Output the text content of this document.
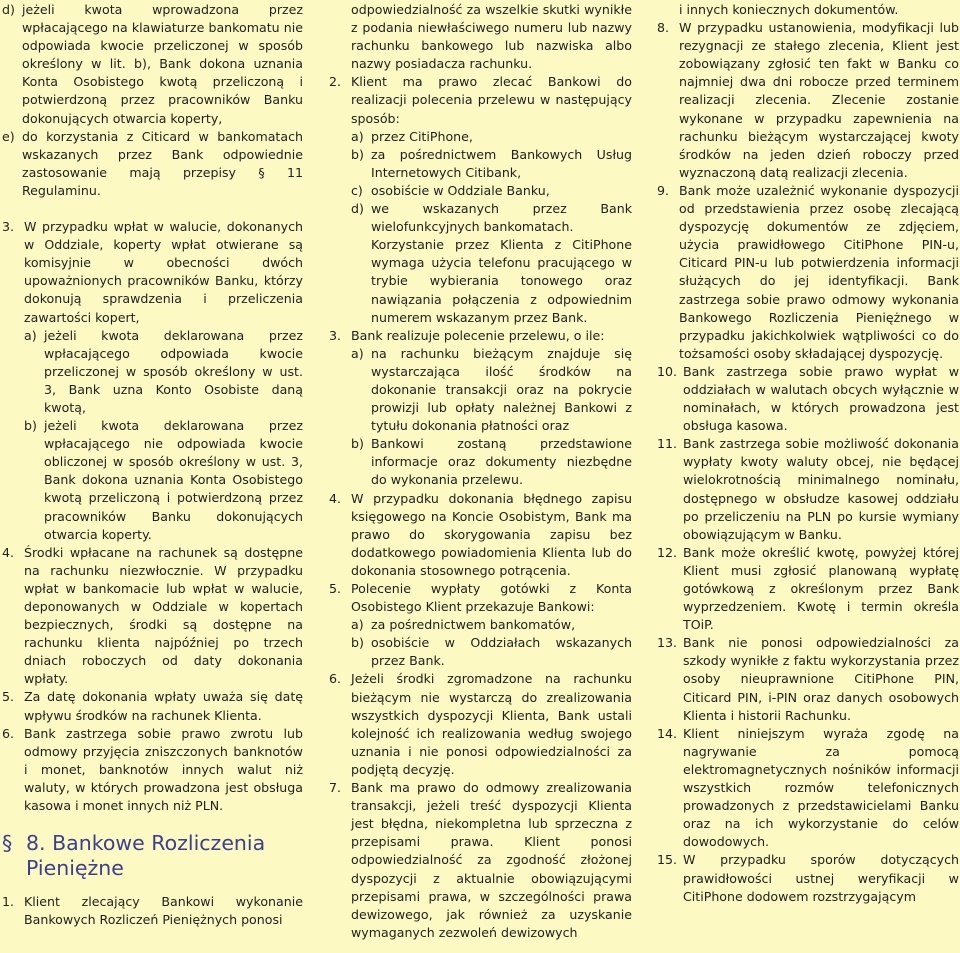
d) jeżeli kwota wprowadzona przez wpłacającego na klawiaturze bankomatu nie odpowiada kwocie przeliczonej w sposób określony w lit. b), Bank dokona uznania Konta Osobistego kwotą przeliczoną i potwierdzoną przez pracowników Banku dokonujących otwarcia koperty,
e) do korzystania z Citicard w bankomatach wskazanych przez Bank odpowiednie zastosowanie mają przepisy § 11 Regulaminu.
3. W przypadku wpłat w walucie, dokonanych w Oddziale, koperty wpłat otwierane są komisyjnie w obecności dwóch upoważnionych pracowników Banku, którzy dokonują sprawdzenia i przeliczenia zawartości kopert,
a) jeżeli kwota deklarowana przez wpłacającego odpowiada kwocie przeliczonej w sposób określony w ust. 3, Bank uzna Konto Osobiste daną kwotą,
b) jeżeli kwota deklarowana przez wpłacającego nie odpowiada kwocie obliczonej w sposób określony w ust. 3, Bank dokona uznania Konta Osobistego kwotą przeliczoną i potwierdzoną przez pracowników Banku dokonujących otwarcia koperty.
4. Środki wpłacane na rachunek są dostępne na rachunku niezwłocznie. W przypadku wpłat w bankomacie lub wpłat w walucie, deponowanych w Oddziale w kopertach bezpiecznych, środki są dostępne na rachunku klienta najpóźniej po trzech dniach roboczych od daty dokonania wpłaty.
5. Za datę dokonania wpłaty uważa się datę wpływu środków na rachunek Klienta.
6. Bank zastrzega sobie prawo zwrotu lub odmowy przyjęcia zniszczonych banknotów i monet, banknotów innych walut niż waluty, w których prowadzona jest obsługa kasowa i monet innych niż PLN.
§ 8. Bankowe Rozliczenia Pieniężne
1. Klient zlecający Bankowi wykonanie Bankowych Rozliczeń Pieniężnych ponosi

odpowiedzialność za wszelkie skutki wynikłe z podania niewłaściwego numeru lub nazwy rachunku bankowego lub nazwiska albo nazwy posiadacza rachunku.

2. Klient ma prawo zlecać Bankowi do realizacji polecenia przelewu w następujący sposób:
a) przez CitiPhone,
b) za pośrednictwem Bankowych Usług Internetowych Citibank,
c) osobiście w Oddziale Banku,
d) we wskazanych przez Bank wielofunkcyjnych bankomatach.

Korzystanie przez Klienta z CitiPhone wymaga użycia telefonu pracującego w trybie wybierania tonowego oraz nawiązania połączenia z odpowiednim numerem wskazanym przez Bank.

3. Bank realizuje polecenie przelewu, o ile:
a) na rachunku bieżącym znajduje się wystarczająca ilość środków na dokonanie transakcji oraz na pokrycie prowizji lub opłaty należnej Bankowi z tytułu dokonania płatności oraz
b) Bankowi zostaną przedstawione informacje oraz dokumenty niezbędne do wykonania przelewu.
4. W przypadku dokonania błędnego zapisu księgowego na Koncie Osobistym, Bank ma prawo do skorygowania zapisu bez dodatkowego powiadomienia Klienta lub do dokonania stosownego potrącenia.
5. Polecenie wypłaty gotówki z Konta Osobistego Klient przekazuje Bankowi:
a) za pośrednictwem bankomatów,
b) osobiście w Oddziałach wskazanych przez Bank.
6. Jeżeli środki zgromadzone na rachunku bieżącym nie wystarczą do zrealizowania wszystkich dyspozycji Klienta, Bank ustali kolejność ich realizowania według swojego uznania i nie ponosi odpowiedzialności za podjętą decyzję.
7. Bank ma prawo do odmowy zrealizowania transakcji, jeżeli treść dyspozycji Klienta jest błędna, niekompletna lub sprzeczna z przepisami prawa. Klient ponosi odpowiedzialność za zgodność złożonej dyspozycji z aktualnie obowiązującymi przepisami prawa, w szczególności prawa dewizowego, jak również za uzyskanie wymaganych zezwoleń dewizowych

i innych koniecznych dokumentów.

8. W przypadku ustanowienia, modyfikacji lub rezygnacji ze stałego zlecenia, Klient jest zobowiązany zgłosić ten fakt w Banku co najmniej dwa dni robocze przed terminem realizacji zlecenia. Zlecenie zostanie wykonane w przypadku zapewnienia na rachunku bieżącym wystarczającej kwoty środków na jeden dzień roboczy przed wyznaczoną datą realizacji zlecenia.
9. Bank może uzależnić wykonanie dyspozycji od przedstawienia przez osobę zlecającą dyspozycję dokumentów ze zdjęciem, użycia prawidłowego CitiPhone PIN-u, Citicard PIN-u lub potwierdzenia informacji służących do jej identyfikacji. Bank zastrzega sobie prawo odmowy wykonania Bankowego Rozliczenia Pieniężnego w przypadku jakichkolwiek wątpliwości co do tożsamości osoby składającej dyspozycję.
10. Bank zastrzega sobie prawo wypłat w oddziałach w walutach obcych wyłącznie w nominałach, w których prowadzona jest obsługa kasowa.
11. Bank zastrzega sobie możliwość dokonania wypłaty kwoty waluty obcej, nie będącej wielokrotnością minimalnego nominału, dostępnego w obsłudze kasowej oddziału po przeliczeniu na PLN po kursie wymiany obowiązującym w Banku.
12. Bank może określić kwotę, powyżej której Klient musi zgłosić planowaną wypłatę gotówkową z określonym przez Bank wyprzedzeniem. Kwotę i termin określa TOiP.
13. Bank nie ponosi odpowiedzialności za szkody wynikłe z faktu wykorzystania przez osoby nieuprawnione CitiPhone PIN, Citicard PIN, i-PIN oraz danych osobowych Klienta i historii Rachunku.
14. Klient niniejszym wyraża zgodę na nagrywanie za pomocą elektromagnetycznych nośników informacji wszystkich rozmów telefonicznych prowadzonych z przedstawicielami Banku oraz na ich wykorzystanie do celów dowodowych.
15. W przypadku sporów dotyczących prawidłowości ustnej weryfikacji w CitiPhone dodowem rozstrzygającym
